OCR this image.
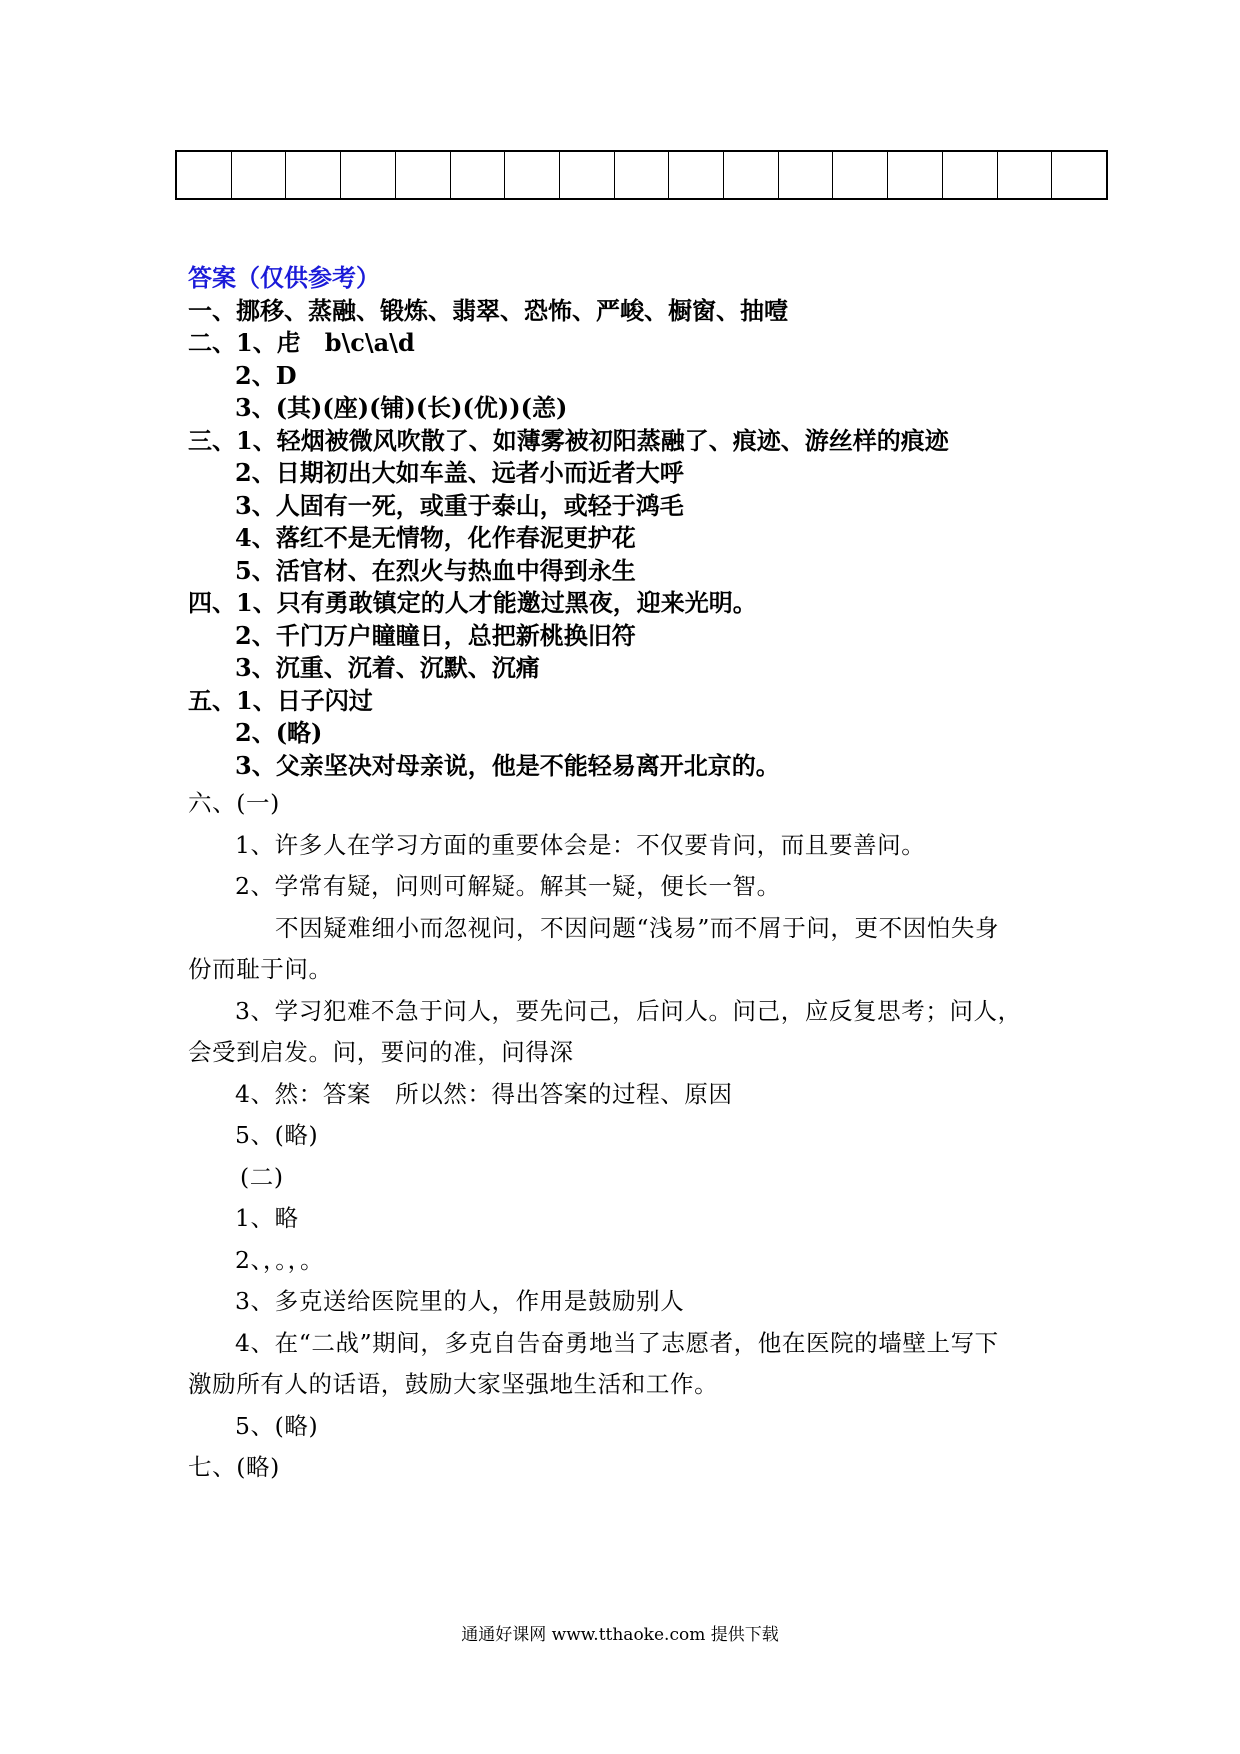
答案（仅供参考）
一、挪移、蒸融、锻炼、翡翠、恐怖、严峻、橱窗、抽噎
二、1、虍　b\c\a\d
2、D
3、(其)(座)(铺)(长)(优))(恙)
三、1、轻烟被微风吹散了、如薄雾被初阳蒸融了、痕迹、游丝样的痕迹
2、日期初出大如车盖、远者小而近者大呼
3、人固有一死，或重于泰山，或轻于鸿毛
4、落红不是无情物，化作春泥更护花
5、活官材、在烈火与热血中得到永生
四、1、只有勇敢镇定的人才能邀过黑夜，迎来光明。
2、千门万户瞳瞳日，总把新桃换旧符
3、沉重、沉着、沉默、沉痛
五、1、日子闪过
2、(略)
3、父亲坚决对母亲说，他是不能轻易离开北京的。
六、(一)
1、许多人在学习方面的重要体会是：不仅要肯问，而且要善问。
2、学常有疑，问则可解疑。解其一疑，便长一智。
不因疑难细小而忽视问，不因问题“浅易”而不屑于问，更不因怕失身
份而耻于问。
3、学习犯难不急于问人，要先问己，后问人。问己，应反复思考；问人，
会受到启发。问，要问的准，问得深
4、然：答案　所以然：得出答案的过程、原因
5、(略)
(二)
1、略
2、，。，。
3、多克送给医院里的人，作用是鼓励别人
4、在“二战”期间，多克自告奋勇地当了志愿者，他在医院的墙壁上写下
激励所有人的话语，鼓励大家坚强地生活和工作。
5、(略)
七、(略)
通通好课网 www.tthaoke.com 提供下载
